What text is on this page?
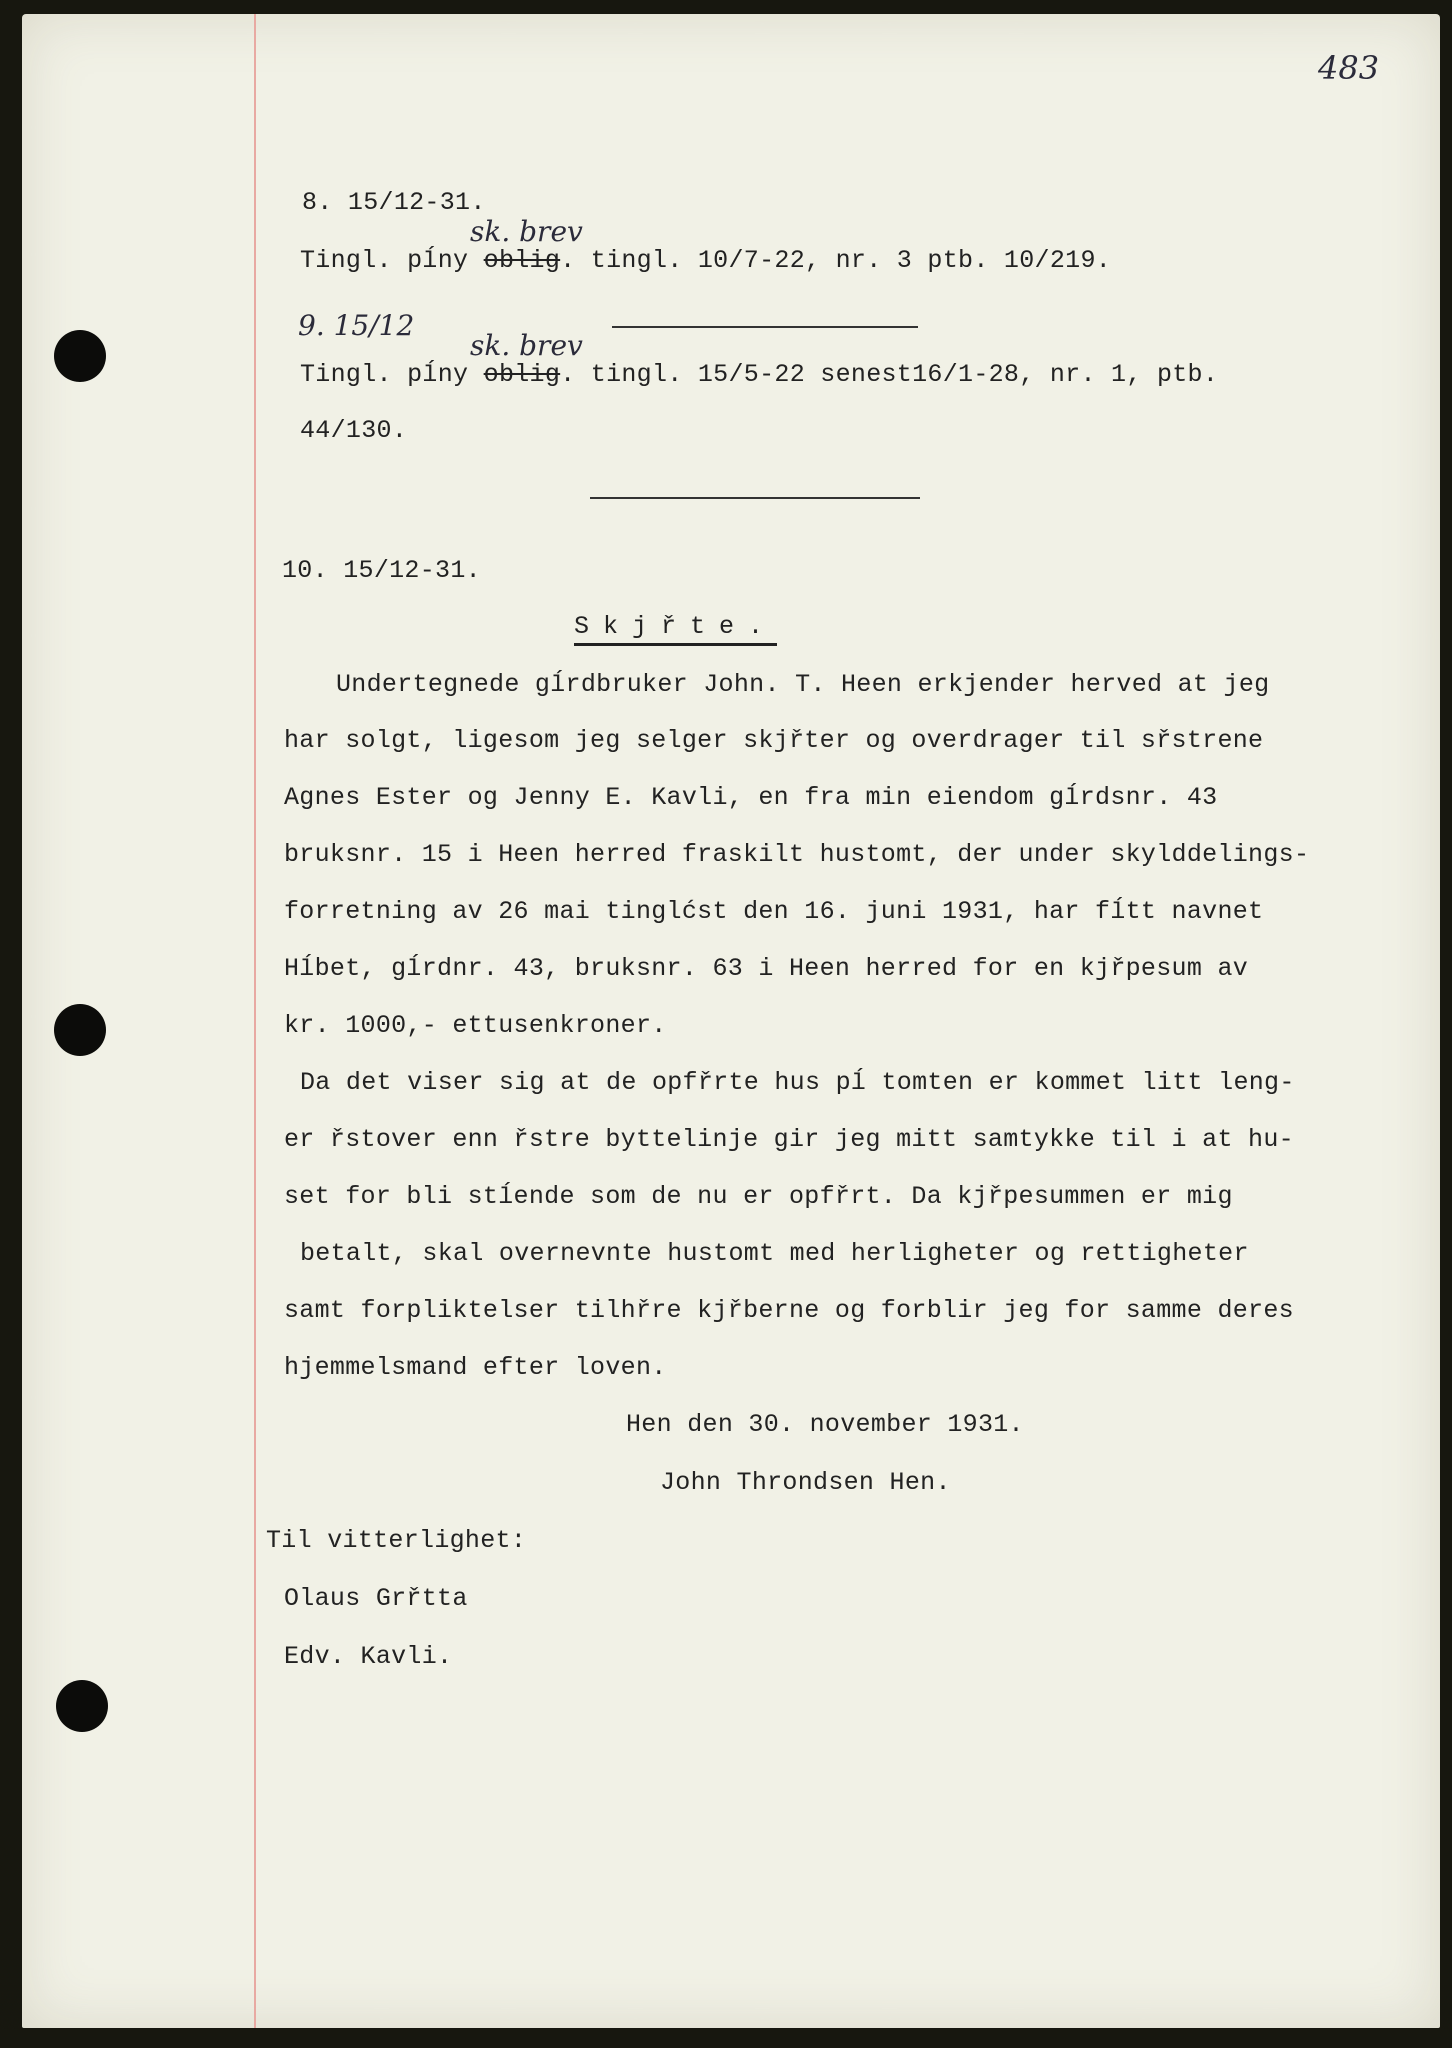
483
8. 15/12-31.
sk. brev
Tingl. pĺny oblig. tingl. 10/7-22, nr. 3 ptb. 10/219.
9. 15/12
sk. brev
Tingl. pĺny oblig. tingl. 15/5-22 senest16/1-28, nr. 1, ptb.
44/130.
10. 15/12-31.
Skjřte.
Undertegnede gĺrdbruker John. T. Heen erkjender herved at jeg
har solgt, ligesom jeg selger skjřter og overdrager til sřstrene
Agnes Ester og Jenny E. Kavli, en fra min eiendom gĺrdsnr. 43
bruksnr. 15 i Heen herred fraskilt hustomt, der under skylddelings-
forretning av 26 mai tinglćst den 16. juni 1931, har fĺtt navnet
Hĺbet, gĺrdnr. 43, bruksnr. 63 i Heen herred for en kjřpesum av
kr. 1000,- ettusenkroner.
Da det viser sig at de opfřrte hus pĺ tomten er kommet litt leng-
er řstover enn řstre byttelinje gir jeg mitt samtykke til i at hu-
set for bli stĺende som de nu er opfřrt. Da kjřpesummen er mig
betalt, skal overnevnte hustomt med herligheter og rettigheter
samt forpliktelser tilhřre kjřberne og forblir jeg for samme deres
hjemmelsmand efter loven.
Hen den 30. november 1931.
John Throndsen Hen.
Til vitterlighet:
Olaus Grřtta
Edv. Kavli.
